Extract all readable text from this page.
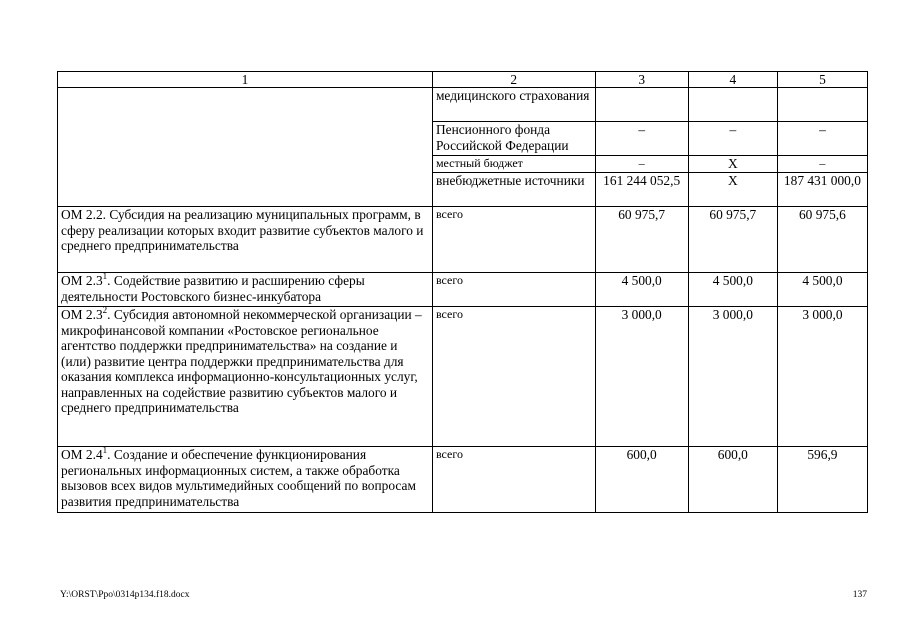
1	2	3	4	5
	медицинского страхования			
	Пенсионного фонда Российской Федерации	–	–	–
	местный бюджет	–	Х	–
	внебюджетные источники	161 244 052,5	Х	187 431 000,0
ОМ 2.2. Субсидия на реализацию муниципальных программ, в сферу реализации которых входит развитие субъектов малого и среднего предпринимательства	всего	60 975,7	60 975,7	60 975,6
ОМ $2.3^1$. Содействие развитию и расширению сферы деятельности Ростовского бизнес-инкубатора	всего	4 500,0	4 500,0	4 500,0
ОМ $2.3^2$. Субсидия автономной некоммерческой организации – микрофинансовой компании «Ростовское региональное агентство поддержки предпринимательства» на создание и (или) развитие центра поддержки предпринимательства для оказания комплекса информационно-консультационных услуг, направленных на содействие развитию субъектов малого и среднего предпринимательства	всего	3 000,0	3 000,0	3 000,0
ОМ $2.4^1$. Создание и обеспечение функционирования региональных информационных систем, а также обработка вызовов всех видов мультимедийных сообщений по вопросам развития предпринимательства	всего	600,0	600,0	596,9
Y:\ORST\Ppo\0314p134.f18.docx	137
